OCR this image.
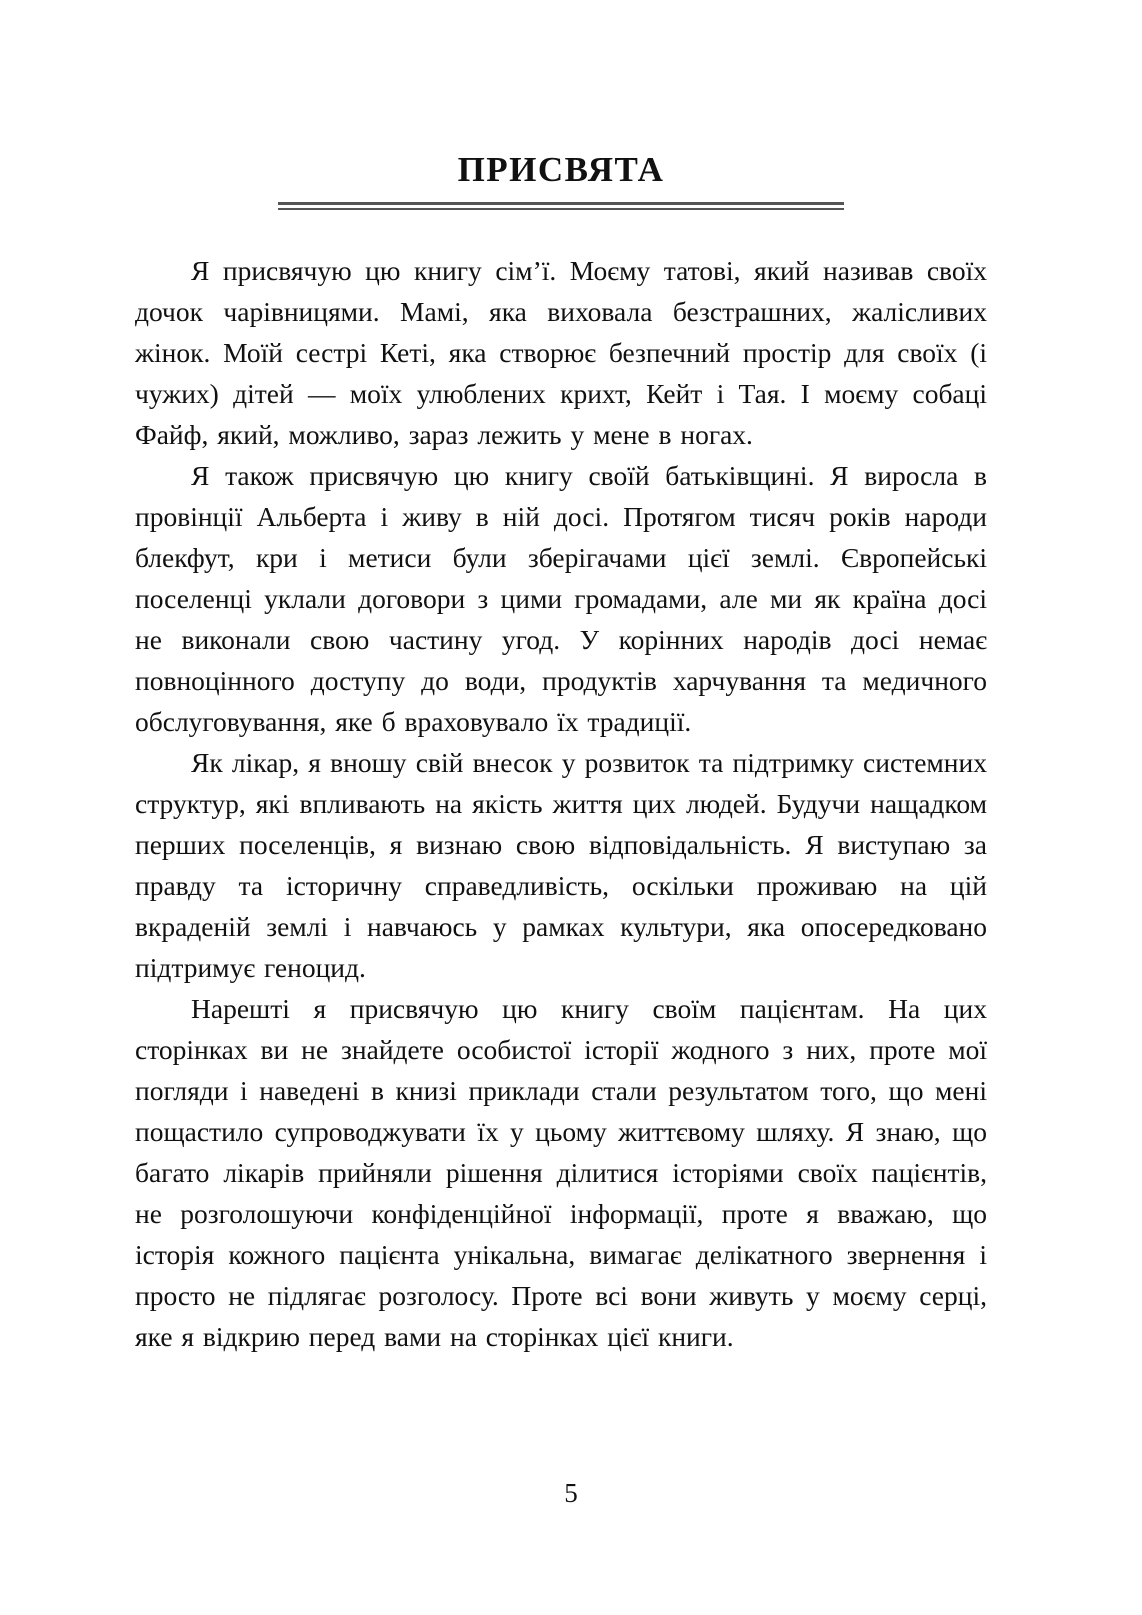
ПРИСВЯТА

Я присвячую цю книгу сім’ї. Моєму татові, який називав своїх дочок чарівницями. Мамі, яка виховала безстрашних, жалісливих жінок. Моїй сестрі Кеті, яка створює безпечний простір для своїх (і чужих) дітей — моїх улюблених крихт, Кейт і Тая. І моєму собаці Файф, який, можливо, зараз лежить у мене в ногах.

Я також присвячую цю книгу своїй батьківщині. Я виросла в провінції Альберта і живу в ній досі. Протягом тисяч років народи блекфут, кри і метиси були зберігачами цієї землі. Європейські поселенці уклали договори з цими громадами, але ми як країна досі не виконали свою частину угод. У корінних народів досі немає повноцінного доступу до води, продуктів харчування та медичного обслуговування, яке б враховувало їх традиції.

Як лікар, я вношу свій внесок у розвиток та підтримку системних структур, які впливають на якість життя цих людей. Будучи нащадком перших поселенців, я визнаю свою відповідальність. Я виступаю за правду та історичну справедливість, оскільки проживаю на цій вкраденій землі і навчаюсь у рамках культури, яка опосередковано підтримує геноцид.

Нарешті я присвячую цю книгу своїм пацієнтам. На цих сторінках ви не знайдете особистої історії жодного з них, проте мої погляди і наведені в книзі приклади стали результатом того, що мені пощастило супроводжувати їх у цьому життєвому шляху. Я знаю, що багато лікарів прийняли рішення ділитися історіями своїх пацієнтів, не розголошуючи конфіденційної інформації, проте я вважаю, що історія кожного пацієнта унікальна, вимагає делікатного звернення і просто не підлягає розголосу. Проте всі вони живуть у моєму серці, яке я відкрию перед вами на сторінках цієї книги.

5
